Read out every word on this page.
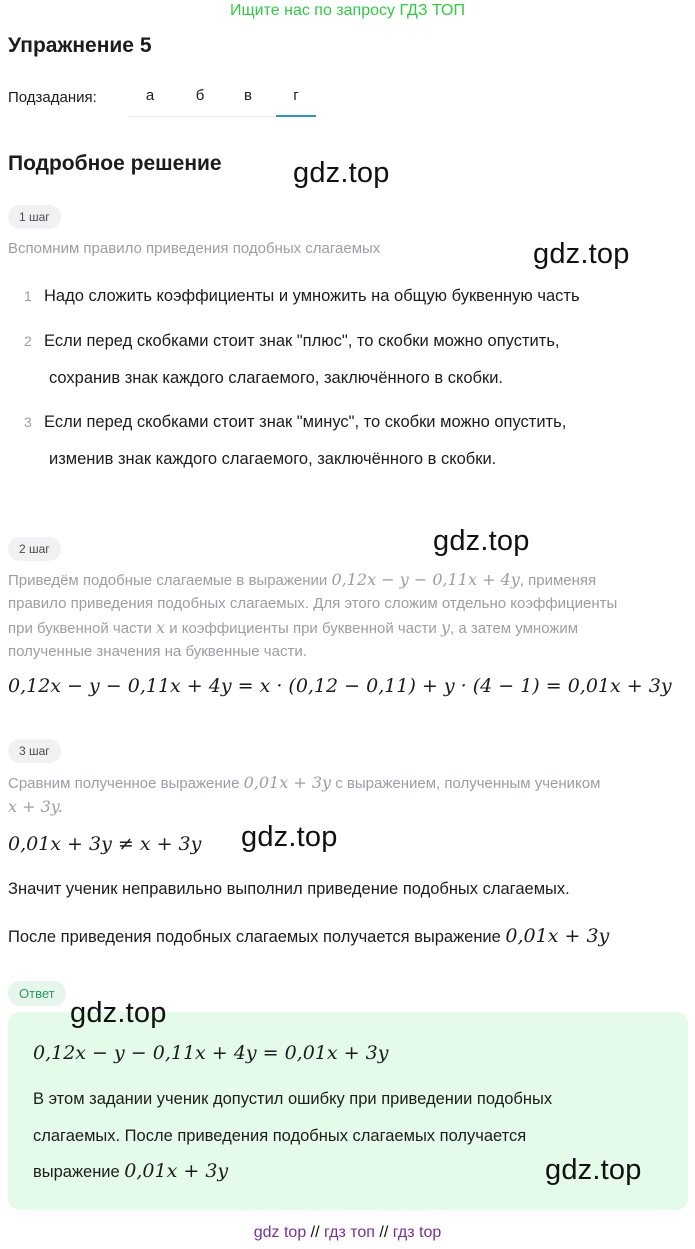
Ищите нас по запросу ГДЗ ТОП
Упражнение 5
Подзадания:	а	б	в	г
Подробное решение gdz.top
gdz.top
gdz.top
gdz.top
1 шаг
Вспомним правило приведения подобных слагаемых
1 Надо сложить коэффициенты и умножить на общую буквенную часть
2 Если перед скобками стоит знак "плюс", то скобки можно опустить,
сохранив знак каждого слагаемого, заключённого в скобки.
3 Если перед скобками стоит знак "минус", то скобки можно опустить,
изменив знак каждого слагаемого, заключённого в скобки.
2 шаг
Приведём подобные слагаемые в выражении 0,12x − y − 0,11x + 4y, применяя
правило приведения подобных слагаемых. Для этого сложим отдельно коэффициенты
при буквенной части x и коэффициенты при буквенной части y, а затем умножим
полученные значения на буквенные части.
0,12x − y − 0,11x + 4y = x · (0,12 − 0,11) + y · (4 − 1) = 0,01x + 3y
3 шаг
Сравним полученное выражение 0,01x + 3y с выражением, полученным учеником
x + 3y.
0,01x + 3y ≠ x + 3y
Значит ученик неправильно выполнил приведение подобных слагаемых.
После приведения подобных слагаемых получается выражение 0,01x + 3y
Ответ
gdz.top
0,12x − y − 0,11x + 4y = 0,01x + 3y
В этом задании ученик допустил ошибку при приведении подобных
слагаемых. После приведения подобных слагаемых получается
выражение 0,01x + 3y	gdz.top
gdz top // гдз топ // гдз top
